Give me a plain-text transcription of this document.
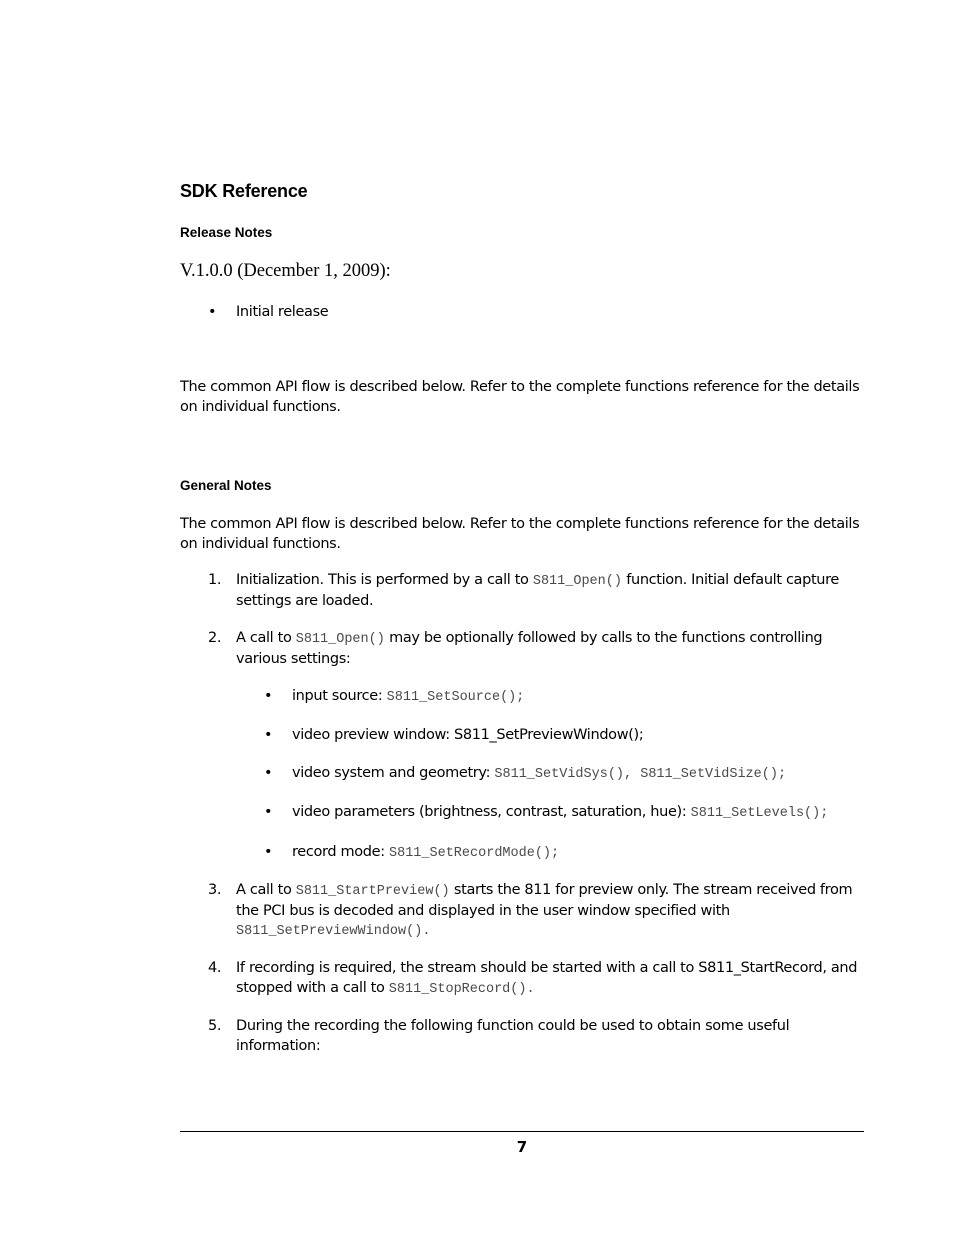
SDK Reference
Release Notes
V.1.0.0 (December 1, 2009):
• Initial release
The common API flow is described below. Refer to the complete functions reference for the details on individual functions.
General Notes
The common API flow is described below. Refer to the complete functions reference for the details on individual functions.
1. Initialization. This is performed by a call to S811_Open() function. Initial default capture settings are loaded.
2. A call to S811_Open() may be optionally followed by calls to the functions controlling various settings:
• input source: S811_SetSource();
• video preview window: S811_SetPreviewWindow();
• video system and geometry: S811_SetVidSys(), S811_SetVidSize();
• video parameters (brightness, contrast, saturation, hue): S811_SetLevels();
• record mode: S811_SetRecordMode();
3. A call to S811_StartPreview() starts the 811 for preview only. The stream received from the PCI bus is decoded and displayed in the user window specified with
S811_SetPreviewWindow().
4. If recording is required, the stream should be started with a call to S811_StartRecord, and stopped with a call to S811_StopRecord().
5. During the recording the following function could be used to obtain some useful information:
7
